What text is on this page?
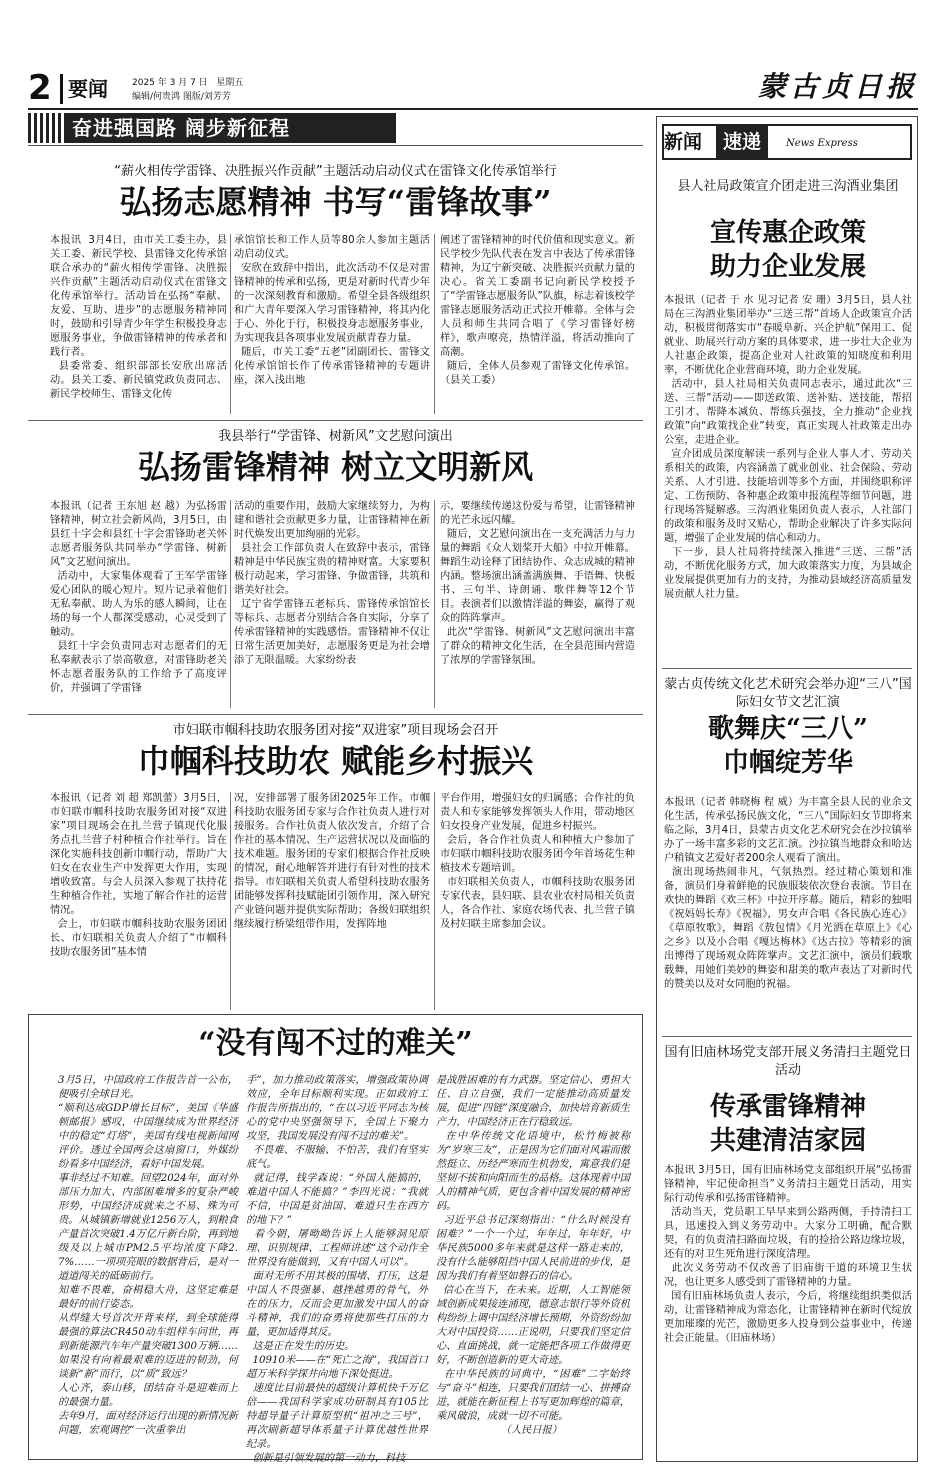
2 要闻	2025 年 3 月 7 日   星期五
编辑/何贵鸿 图版/刘芳芳	蒙古贞日报
奋进强国路 阔步新征程
“薪火相传学雷锋、决胜振兴作贡献”主题活动启动仪式在雷锋文化传承馆举行
弘扬志愿精神 书写“雷锋故事”
本报讯  3月4日，由市关工委主办，县关工委、新民学校、县雷锋文化传承馆联合承办的“薪火相传学雷锋、决胜振兴作贡献”主题活动启动仪式在雷锋文化传承馆举行。活动旨在弘扬“奉献、友爱、互助、进步”的志愿服务精神同时，鼓励和引导青少年学生积极投身志愿服务事业，争做雷锋精神的传承者和践行者。
县委常委、组织部部长安欣出席活动。县关工委、新民镇党政负责同志、新民学校师生、雷锋文化传
承馆馆长和工作人员等80余人参加主题活动启动仪式。
安欣在致辞中指出，此次活动不仅是对雷锋精神的传承和弘扬，更是对新时代青少年的一次深刻教育和激励。希望全县各级组织和广大青年要深入学习雷锋精神，将其内化于心、外化于行，积极投身志愿服务事业，为实现我县各项事业发展贡献青春力量。
随后，市关工委“五老”团副团长、雷锋文化传承馆馆长作了传承雷锋精神的专题讲座，深入浅出地
阐述了雷锋精神的时代价值和现实意义。新民学校少先队代表在发言中表达了传承雷锋精神，为辽宁新突破、决胜振兴贡献力量的决心。省关工委副书记向新民学校授予了“学雷锋志愿服务队”队旗，标志着该校学雷锋志愿服务活动正式拉开帷幕。全体与会人员和师生共同合唱了《学习雷锋好榜样》，歌声嘹亮，热情洋溢，将活动推向了高潮。
随后，全体人员参观了雷锋文化传承馆。          （县关工委）
我县举行“学雷锋、树新风”文艺慰问演出
弘扬雷锋精神 树立文明新风
本报讯（记者 王东旭 赵 越）为弘扬雷锋精神，树立社会新风尚，3月5日，由县红十字会和县红十字会雷锋助老关怀志愿者服务队共同举办“学雷锋、树新风”文艺慰问演出。
活动中，大家集体观看了王军学雷锋爱心团队的暖心短片。短片记录着他们无私奉献、助人为乐的感人瞬间，让在场的每一个人都深受感动，心灵受到了触动。
县红十字会负责同志对志愿者们的无私奉献表示了崇高敬意，对雷锋助老关怀志愿者服务队的工作给予了高度评价，并强调了学雷锋
活动的重要作用，鼓励大家继续努力，为构建和谐社会贡献更多力量，让雷锋精神在新时代焕发出更加绚丽的光彩。
县社会工作部负责人在致辞中表示，雷锋精神是中华民族宝贵的精神财富。大家要积极行动起来，学习雷锋、争做雷锋，共筑和谐美好社会。
辽宁省学雷锋五老标兵、雷锋传承馆馆长等标兵、志愿者分别结合各自实际，分享了传承雷锋精神的实践感悟。雷锋精神不仅让日常生活更加美好，志愿服务更是为社会增添了无限温暖。大家纷纷表
示，要继续传递这份爱与希望，让雷锋精神的光芒永远闪耀。
随后，文艺慰问演出在一支充满活力与力量的舞蹈《众人划桨开大船》中拉开帷幕。舞蹈生动诠释了团结协作、众志成城的精神内涵。整场演出涵盖满族舞、手语舞、快板书、三句半、诗朗诵、歌伴舞等12个节目。表演者们以激情洋溢的舞姿，赢得了观众的阵阵掌声。
此次“学雷锋、树新风”文艺慰问演出丰富了群众的精神文化生活，在全县范围内营造了浓厚的学雷锋氛围。
市妇联市帼科技助农服务团对接“双进家”项目现场会召开
巾帼科技助农 赋能乡村振兴
本报讯（记者 刘 超 郑凯蕾）3月5日，市妇联市帼科技助农服务团对接“双进家”项目现场会在扎兰营子镇现代化服务点扎兰营子村种植合作社举行。旨在深化实施科技创新巾帼行动，帮助广大妇女在农业生产中发挥更大作用，实现增收致富。与会人员深入参观了扶持花生种植合作社，实地了解合作社的运营情况。
会上，市妇联市帼科技助农服务团团长、市妇联相关负责人介绍了“市帼科技助农服务团”基本情
况，安排部署了服务团2025年工作。市帼科技助农服务团专家与合作社负责人进行对接服务。合作社负责人依次发言，介绍了合作社的基本情况、生产运营状况以及面临的技术难题。服务团的专家们根据合作社反映的情况，耐心地解答并进行有针对性的技术指导。市妇联相关负责人希望科技助农服务团能够发挥科技赋能团引领作用，深入研究产业链问题并提供实际帮助；各级妇联组织继续履行桥梁纽带作用，发挥阵地
平台作用，增强妇女的归属感；合作社的负责人和专家能够发挥领头人作用，带动地区妇女投身产业发展，促进乡村振兴。
会后，各合作社负责人和种植大户参加了市妇联巾帼科技助农服务团今年首场花生种植技术专题培训。
市妇联相关负责人，市帼科技助农服务团专家代表，县妇联、县农业农村局相关负责人，各合作社、家庭农场代表、扎兰营子镇及村妇联主席参加会议。
“没有闯不过的难关”
3月5日，中国政府工作报告首一公布，便吸引全球目光。
“顺利达成GDP增长目标”，美国《华盛顿邮报》感叹，中国继续成为世界经济中的稳定“灯塔”，美国有线电视新闻网评价。透过全国两会这扇窗口，外媒纷纷看多中国经济，看好中国发展。
事非经过不知难。回望2024年，面对外部压力加大、内部困难增多的复杂严峻形势，中国经济成就来之不易、殊为可贵。从城镇新增就业1256万人，到粮食产量首次突破1.4万亿斤新台阶，再到地级及以上城市PM2.5平均浓度下降2.7%……一项项亮眼的数据背后，是对一道道闯关的砥砺前行。
知难不畏难，奋楫稳大舟，这坚定难是最好的前行姿态。
从焊缝大号首次开背来样，到全球能得最强的算法CR450动车组样车问世，再到新能源汽车年产量突破1300万辆……如果没有向着最艰难的迈进的韧劲，何谈新“新”而行，以“质”致远？
人心齐，泰山移，团结奋斗是迎难而上的最强力量。
去年9月，面对经济运行出现的新情况新问题，宏观调控“一次重拳出
手”，加力推动政策落实，增强政策协调效应，全年目标顺利实现。正如政府工作报告所指出的，“在以习近平同志为核心的党中央坚强领导下，全国上下聚力攻坚，我国发展没有闯不过的难关”。
不畏难、不服输、不怕苦，我们有坚实底气。
就记得，钱学森说：“外国人能搞的，难道中国人不能搞？”李四光说：“我就不信，中国是贫油国、难道只生在西方的地下？”
看今朝，屠呦呦告诉上人能够洞见原理、识别规律、工程师讲述“这个动作全世界没有能做到，又有中国人可以”。
面对无所不用其极的围堵、打压，这是中国人不畏强暴、越挫越勇的骨气，外在的压力，反而会更加激发中国人的奋斗精神，我们的奋勇将使那些打压的力量，更加适得其反。
这是正在发生的历史。
10910米——在“死亡之海”，我国首口超万米科学探井向地下深处挺进。
速度比目前最快的超级计算机快千万亿倍——我国科学家成功研制具有105比特超导量子计算原型机“祖冲之三号”，再次刷新超导体系量子计算优越性世界纪录。
创新是引领发展的第一动力，科技
是战胜困难的有力武器。坚定信心、勇担大任、自立自强，我们一定能推动高质量发展，促进“四链”深度融合，加快培育新质生产力，中国经济正在行稳致远。
在中华传统文化语境中，松竹梅被称为“岁寒三友”，正是因为它们面对风霜而傲然挺立、历经严寒而生机勃发，寓意我们是坚韧不拔和向阳而生的品格。这体现着中国人的精神气质，更包含着中国发展的精神密码。
习近平总书记深刻指出：“什么时候没有困难？”一个一个过，年年过，年年好，中华民族5000多年来就是这样一路走来的，没有什么能够阻挡中国人民前进的步伐，是因为我们有着坚如磐石的信心。
信心在当下，在未来。近期，人工智能领域创新成果接连涌现，德意志银行等外资机构纷纷上调中国经济增长预期，外资纷纷加大对中国投资……正说明，只要我们坚定信心、直面挑战，就一定能把各项工作做得更好，不断创造新的更大奇迹。
在中华民族的词典中，“困难”二字始终与“奋斗”相连，只要我们团结一心、拼搏奋进，就能在新征程上书写更加辉煌的篇章，乘风破浪，成就一切不可能。
（人民日报）
新闻	速递	News Express
县人社局政策宣介团走进三沟酒业集团
宣传惠企政策
助力企业发展
本报讯（记者 于 水 见习记者 安 珊）3月5日，县人社局在三沟酒业集团举办“三送三帮”首场人企政策宣介活动，积极贯彻落实市“春暖阜新、兴企护航”保用工、促就业、助展兴行动方案的具体要求，进一步壮大企业为人社惠企政策，提高企业对人社政策的知晓度和利用率，不断优化企业营商环境，助力企业发展。
活动中，县人社局相关负责同志表示，通过此次“三送、三帮”活动——即送政策、送补贴、送技能，帮招工引才、帮降本减负、帮练兵强技，全力推动“企业找政策”向“政策找企业”转变，真正实现人社政策走出办公室，走进企业。
宣介团成员深度解读一系列与企业人事人才、劳动关系相关的政策，内容涵盖了就业创业、社会保险、劳动关系、人才引进、技能培训等多个方面，并围绕职称评定、工伤预防、各种惠企政策申报流程等细节问题，进行现场答疑解惑。三沟酒业集团负责人表示，人社部门的政策和服务及时又贴心，帮助企业解决了许多实际问题，增强了企业发展的信心和动力。
下一步，县人社局将持续深入推进“三送、三帮”活动，不断优化服务方式，加大政策落实力度，为县域企业发展提供更加有力的支持，为推动县域经济高质量发展贡献人社力量。
蒙古贞传统文化艺术研究会举办迎“三八”国际妇女节文艺汇演
歌舞庆“三八”
巾帼绽芳华
本报讯（记者 韩晓梅 程 威）为丰富全县人民的业余文化生活，传承弘扬民族文化，“三八”国际妇女节即将来临之际，3月4日，县蒙古贞文化艺术研究会在沙拉镇举办了一场丰富多彩的文艺汇演。沙拉镇当地群众和哈达户稍镇文艺爱好者200余人观看了演出。
演出现场热闹非凡，气氛热烈。经过精心策划和准备，演员们身着鲜艳的民族服装依次登台表演。节目在欢快的舞蹈《欢三杯》中拉开序幕。随后，精彩的独唱《祝妈妈长寿》《祝福》，男女声合唱《各民族心连心》《草原牧歌》，舞蹈《敖包情》《月光洒在草原上》《心之乡》以及小合唱《嘎达梅林》《达古拉》等精彩的演出博得了现场观众阵阵掌声。文艺汇演中，演员们载歌载舞，用她们美妙的舞姿和甜美的歌声表达了对新时代的赞美以及对女同胞的祝福。
国有旧庙林场党支部开展义务清扫主题党日活动
传承雷锋精神
共建清洁家园
本报讯 3月5日，国有旧庙林场党支部组织开展“弘扬雷锋精神，牢记使命担当”义务清扫主题党日活动，用实际行动传承和弘扬雷锋精神。
活动当天，党员职工早早来到公路两侧，手持清扫工具，迅速投入到义务劳动中。大家分工明确，配合默契，有的负责清扫路面垃圾，有的捡拾公路边缘垃圾，还有的对卫生死角进行深度清理。
此次义务劳动不仅改善了旧庙街干道的环境卫生状况，也让更多人感受到了雷锋精神的力量。
国有旧庙林场负责人表示，今后，将继续组织类似活动，让雷锋精神成为常态化，让雷锋精神在新时代绽放更加璀璨的光芒，激励更多人投身到公益事业中，传递社会正能量。（旧庙林场）
